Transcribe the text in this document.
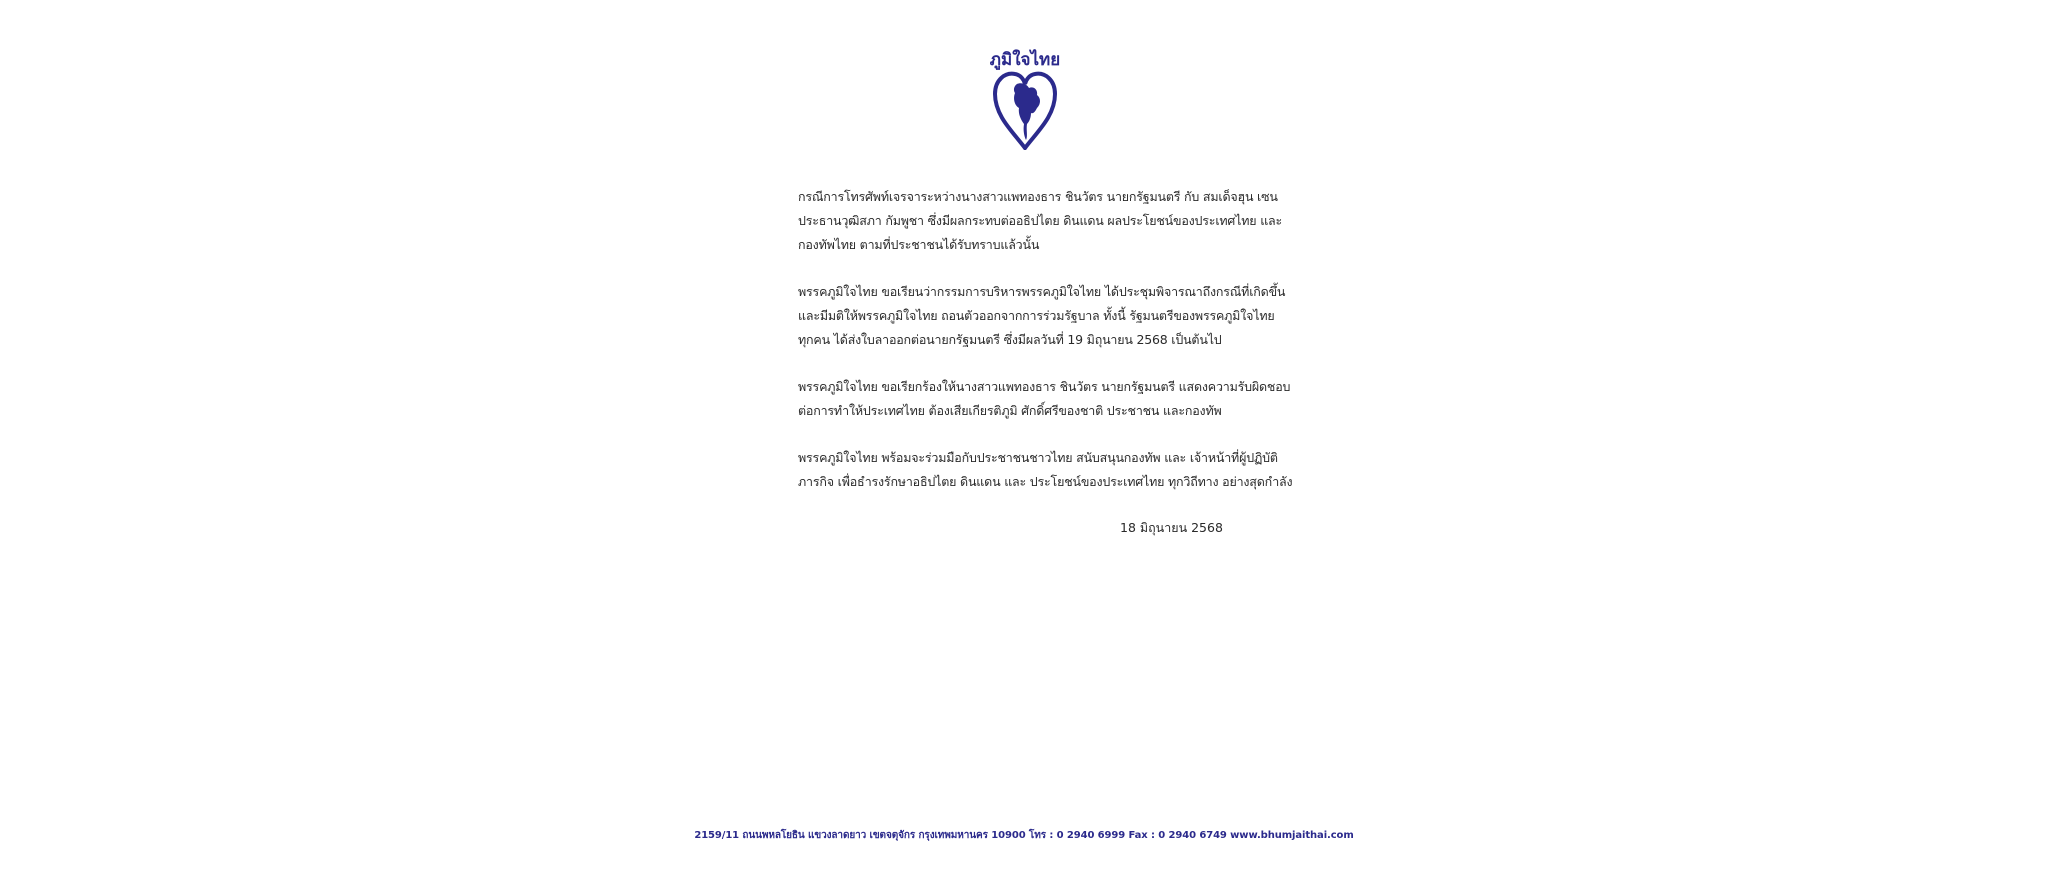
ภูมิใจไทย

กรณีการโทรศัพท์เจรจาระหว่างนางสาวแพทองธาร ชินวัตร นายกรัฐมนตรี กับ สมเด็จฮุน เซน
ประธานวุฒิสภา กัมพูชา ซึ่งมีผลกระทบต่ออธิปไตย ดินแดน ผลประโยชน์ของประเทศไทย และ
กองทัพไทย ตามที่ประชาชนได้รับทราบแล้วนั้น

พรรคภูมิใจไทย ขอเรียนว่ากรรมการบริหารพรรคภูมิใจไทย ได้ประชุมพิจารณาถึงกรณีที่เกิดขึ้น
และมีมติให้พรรคภูมิใจไทย ถอนตัวออกจากการร่วมรัฐบาล ทั้งนี้ รัฐมนตรีของพรรคภูมิใจไทย
ทุกคน ได้ส่งใบลาออกต่อนายกรัฐมนตรี ซึ่งมีผลวันที่ 19 มิถุนายน 2568 เป็นต้นไป

พรรคภูมิใจไทย ขอเรียกร้องให้นางสาวแพทองธาร ชินวัตร นายกรัฐมนตรี แสดงความรับผิดชอบ
ต่อการทำให้ประเทศไทย ต้องเสียเกียรติภูมิ ศักดิ์ศรีของชาติ ประชาชน และกองทัพ

พรรคภูมิใจไทย พร้อมจะร่วมมือกับประชาชนชาวไทย สนับสนุนกองทัพ และ เจ้าหน้าที่ผู้ปฏิบัติ
ภารกิจ เพื่อธำรงรักษาอธิปไตย ดินแดน และ ประโยชน์ของประเทศไทย ทุกวิถีทาง อย่างสุดกำลัง

18 มิถุนายน 2568
2159/11 ถนนพหลโยธิน แขวงลาดยาว เขตจตุจักร กรุงเทพมหานคร 10900 โทร : 0 2940 6999 Fax : 0 2940 6749 www.bhumjaithai.com
